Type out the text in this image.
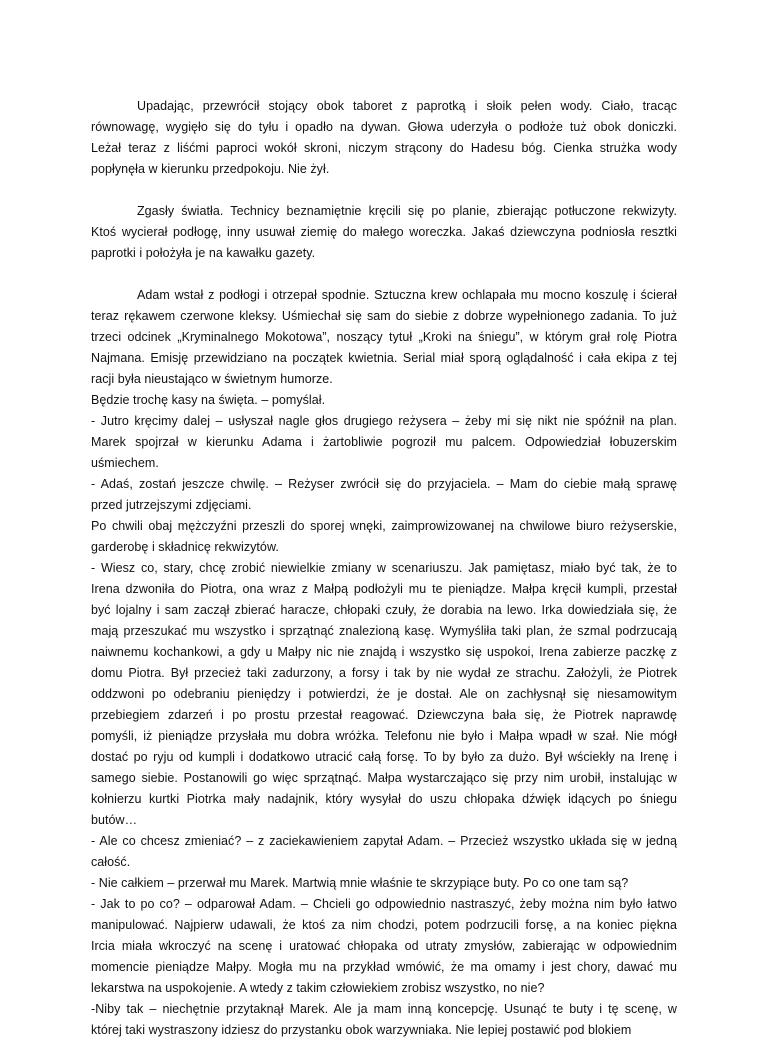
Upadając, przewrócił stojący obok taboret z paprotką i słoik pełen wody. Ciało, tracąc
równowagę, wygięło się do tyłu i opadło na dywan. Głowa uderzyła o podłoże tuż obok doniczki.
Leżał teraz z liśćmi paproci wokół skroni, niczym strącony do Hadesu bóg. Cienka strużka wody
popłynęła w kierunku przedpokoju. Nie żył.
Zgasły światła. Technicy beznamiętnie kręcili się po planie, zbierając potłuczone rekwizyty.
Ktoś wycierał podłogę, inny usuwał ziemię do małego woreczka. Jakaś dziewczyna podniosła resztki
paprotki i położyła je na kawałku gazety.
Adam wstał z podłogi i otrzepał spodnie. Sztuczna krew ochlapała mu mocno koszulę i ścierał
teraz rękawem czerwone kleksy. Uśmiechał się sam do siebie z dobrze wypełnionego zadania. To już
trzeci odcinek „Kryminalnego Mokotowa”, noszący tytuł „Kroki na śniegu”, w którym grał rolę Piotra
Najmana. Emisję przewidziano na początek kwietnia. Serial miał sporą oglądalność i cała ekipa z tej
racji była nieustająco w świetnym humorze.
Będzie trochę kasy na święta. – pomyślał.
- Jutro kręcimy dalej – usłyszał nagle głos drugiego reżysera – żeby mi się nikt nie spóźnił na plan.
Marek spojrzał w kierunku Adama i żartobliwie pogroził mu palcem. Odpowiedział łobuzerskim
uśmiechem.
- Adaś, zostań jeszcze chwilę. – Reżyser zwrócił się do przyjaciela. – Mam do ciebie małą sprawę
przed jutrzejszymi zdjęciami.
Po chwili obaj mężczyźni przeszli do sporej wnęki, zaimprowizowanej na chwilowe biuro reżyserskie,
garderobę i składnicę rekwizytów.
- Wiesz co, stary, chcę zrobić niewielkie zmiany w scenariuszu. Jak pamiętasz, miało być tak, że to
Irena dzwoniła do Piotra, ona wraz z Małpą podłożyli mu te pieniądze. Małpa kręcił kumpli, przestał
być lojalny i sam zaczął zbierać haracze, chłopaki czuły, że dorabia na lewo. Irka dowiedziała się, że
mają przeszukać mu wszystko i sprzątnąć znalezioną kasę. Wymyśliła taki plan, że szmal podrzucają
naiwnemu kochankowi, a gdy u Małpy nic nie znajdą i wszystko się uspokoi, Irena zabierze paczkę z
domu Piotra. Był przecież taki zadurzony, a forsy i tak by nie wydał ze strachu. Założyli, że Piotrek
oddzwoni po odebraniu pieniędzy i potwierdzi, że je dostał. Ale on zachłysnął się niesamowitym
przebiegiem zdarzeń i po prostu przestał reagować. Dziewczyna bała się, że Piotrek naprawdę
pomyśli, iż pieniądze przysłała mu dobra wróżka. Telefonu nie było i Małpa wpadł w szał. Nie mógł
dostać po ryju od kumpli i dodatkowo utracić całą forsę. To by było za dużo. Był wściekły na Irenę i
samego siebie. Postanowili go więc sprzątnąć. Małpa wystarczająco się przy nim urobił, instalując w
kołnierzu kurtki Piotrka mały nadajnik, który wysyłał do uszu chłopaka dźwięk idących po śniegu
butów…
- Ale co chcesz zmieniać? – z zaciekawieniem zapytał Adam. – Przecież wszystko układa się w jedną
całość.
- Nie całkiem – przerwał mu Marek. Martwią mnie właśnie te skrzypiące buty. Po co one tam są?
- Jak to po co? – odparował Adam. – Chcieli go odpowiednio nastraszyć, żeby można nim było łatwo
manipulować. Najpierw udawali, że ktoś za nim chodzi, potem podrzucili forsę, a na koniec piękna
Ircia miała wkroczyć na scenę i uratować chłopaka od utraty zmysłów, zabierając w odpowiednim
momencie pieniądze Małpy. Mogła mu na przykład wmówić, że ma omamy i jest chory, dawać mu
lekarstwa na uspokojenie. A wtedy z takim człowiekiem zrobisz wszystko, no nie?
-Niby tak – niechętnie przytaknął Marek. Ale ja mam inną koncepcję. Usunąć te buty i tę scenę, w
której taki wystraszony idziesz do przystanku obok warzywniaka. Nie lepiej postawić pod blokiem
